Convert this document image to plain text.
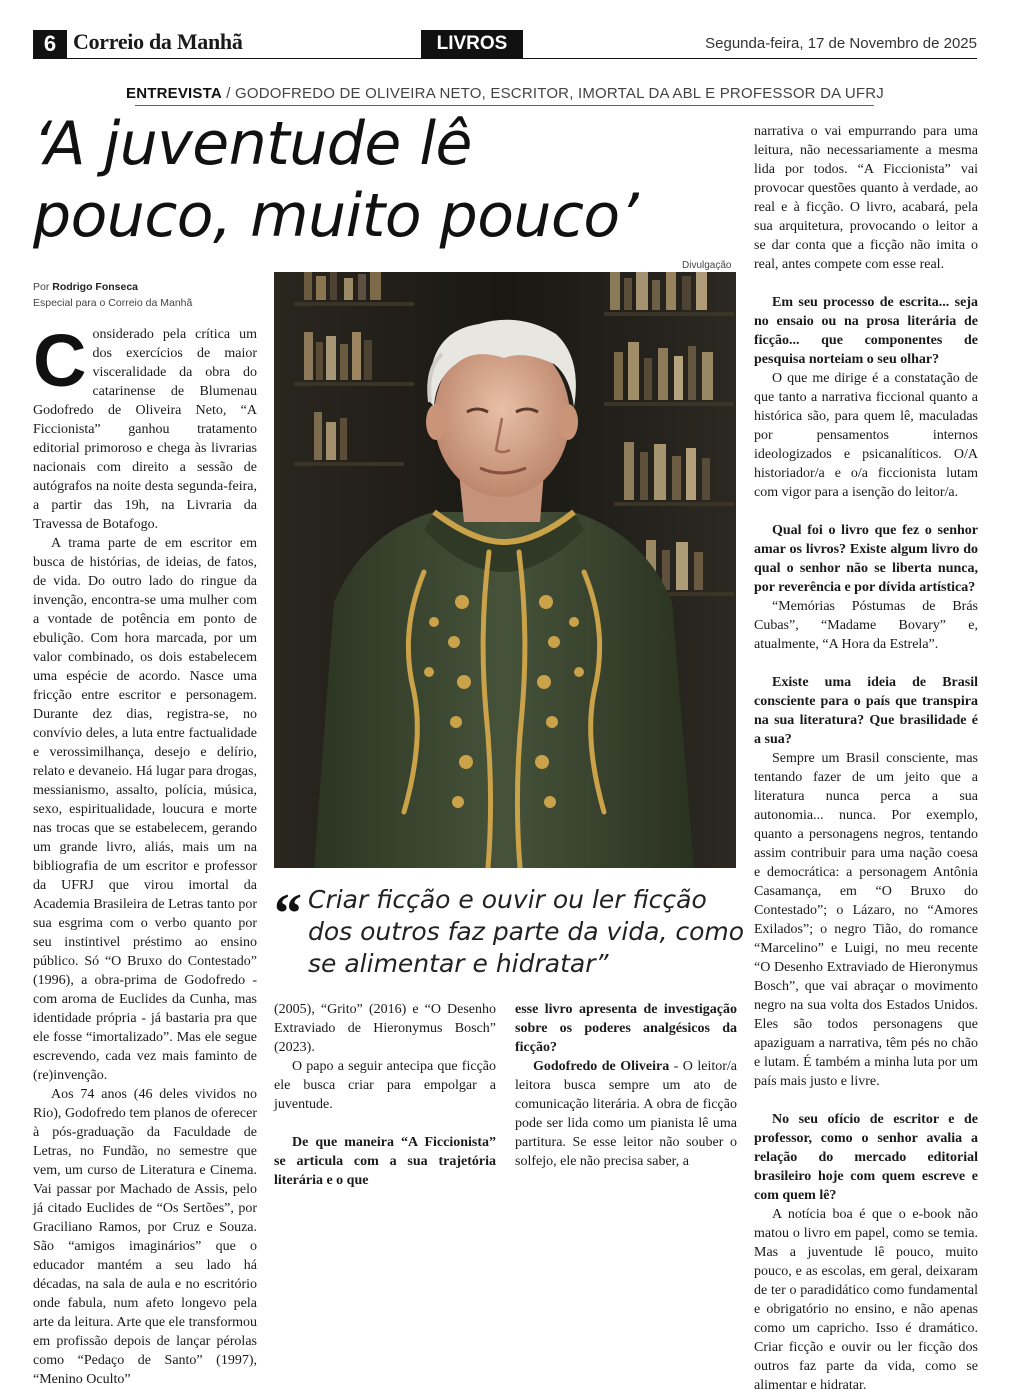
6 Correio da Manhã	LIVROS	Segunda-feira, 17 de Novembro de 2025
ENTREVISTA / GODOFREDO DE OLIVEIRA NETO, ESCRITOR, IMORTAL DA ABL E PROFESSOR DA UFRJ
‘A juventude lê
pouco, muito pouco’
Por Rodrigo Fonseca
Especial para o Correio da Manhã
Divulgação

Considerado pela crítica um dos exercícios de maior visceralidade da obra do catarinense de Blumenau Godofredo de Oliveira Neto, “A Ficcionista” ganhou tratamento editorial primoroso e chega às livrarias nacionais com direito a sessão de autógrafos na noite desta segunda-feira, a partir das 19h, na Livraria da Travessa de Botafogo.

A trama parte de em escritor em busca de histórias, de ideias, de fatos, de vida. Do outro lado do ringue da invenção, encontra-se uma mulher com a vontade de potência em ponto de ebulição. Com hora marcada, por um valor combinado, os dois estabelecem uma espécie de acordo. Nasce uma fricção entre escritor e personagem. Durante dez dias, registra-se, no convívio deles, a luta entre factualidade e verossimilhança, desejo e delírio, relato e devaneio. Há lugar para drogas, messianismo, assalto, polícia, música, sexo, espiritualidade, loucura e morte nas trocas que se estabelecem, gerando um grande livro, aliás, mais um na bibliografia de um escritor e professor da UFRJ que virou imortal da Academia Brasileira de Letras tanto por sua esgrima com o verbo quanto por seu instintivel préstimo ao ensino público. Só “O Bruxo do Contestado” (1996), a obra-prima de Godofredo - com aroma de Euclides da Cunha, mas identidade própria - já bastaria pra que ele fosse “imortalizado”. Mas ele segue escrevendo, cada vez mais faminto de (re)invenção.

Aos 74 anos (46 deles vividos no Rio), Godofredo tem planos de oferecer à pós-graduação da Faculdade de Letras, no Fundão, no semestre que vem, um curso de Literatura e Cinema. Vai passar por Machado de Assis, pelo já citado Euclides de “Os Sertões”, por Graciliano Ramos, por Cruz e Souza. São “amigos imaginários” que o educador mantém a seu lado há décadas, na sala de aula e no escritório onde fabula, num afeto longevo pela arte da leitura. Arte que ele transformou em profissão depois de lançar pérolas como “Pedaço de Santo” (1997), “Menino Oculto”

“ Criar ficção e ouvir ou ler ficção dos outros faz parte da vida, como se alimentar e hidratar”

(2005), “Grito” (2016) e “O Desenho Extraviado de Hieronymus Bosch” (2023).

O papo a seguir antecipa que ficção ele busca criar para empolgar a juventude.

De que maneira “A Ficcionista” se articula com a sua trajetória literária e o que

esse livro apresenta de investigação sobre os poderes analgésicos da ficção?

Godofredo de Oliveira - O leitor/a leitora busca sempre um ato de comunicação literária. A obra de ficção pode ser lida como um pianista lê uma partitura. Se esse leitor não souber o solfejo, ele não precisa saber, a

narrativa o vai empurrando para uma leitura, não necessariamente a mesma lida por todos. “A Ficcionista” vai provocar questões quanto à verdade, ao real e à ficção. O livro, acabará, pela sua arquitetura, provocando o leitor a se dar conta que a ficção não imita o real, antes compete com esse real.

Em seu processo de escrita... seja no ensaio ou na prosa literária de ficção... que componentes de pesquisa norteiam o seu olhar?

O que me dirige é a constatação de que tanto a narrativa ficcional quanto a histórica são, para quem lê, maculadas por pensamentos internos ideologizados e psicanalíticos. O/A historiador/a e o/a ficcionista lutam com vigor para a isenção do leitor/a.

Qual foi o livro que fez o senhor amar os livros? Existe algum livro do qual o senhor não se liberta nunca, por reverência e por dívida artística?

“Memórias Póstumas de Brás Cubas”, “Madame Bovary” e, atualmente, “A Hora da Estrela”.

Existe uma ideia de Brasil consciente para o país que transpira na sua literatura? Que brasilidade é a sua?

Sempre um Brasil consciente, mas tentando fazer de um jeito que a literatura nunca perca a sua autonomia... nunca. Por exemplo, quanto a personagens negros, tentando assim contribuir para uma nação coesa e democrática: a personagem Antônia Casamança, em “O Bruxo do Contestado”; o Lázaro, no “Amores Exilados”; o negro Tião, do romance “Marcelino” e Luigi, no meu recente “O Desenho Extraviado de Hieronymus Bosch”, que vai abraçar o movimento negro na sua volta dos Estados Unidos. Eles são todos personagens que apaziguam a narrativa, têm pés no chão e lutam. É também a minha luta por um país mais justo e livre.

No seu ofício de escritor e de professor, como o senhor avalia a relação do mercado editorial brasileiro hoje com quem escreve e com quem lê?

A notícia boa é que o e-book não matou o livro em papel, como se temia. Mas a juventude lê pouco, muito pouco, e as escolas, em geral, deixaram de ter o paradidático como fundamental e obrigatório no ensino, e não apenas como um capricho. Isso é dramático. Criar ficção e ouvir ou ler ficção dos outros faz parte da vida, como se alimentar e hidratar.
